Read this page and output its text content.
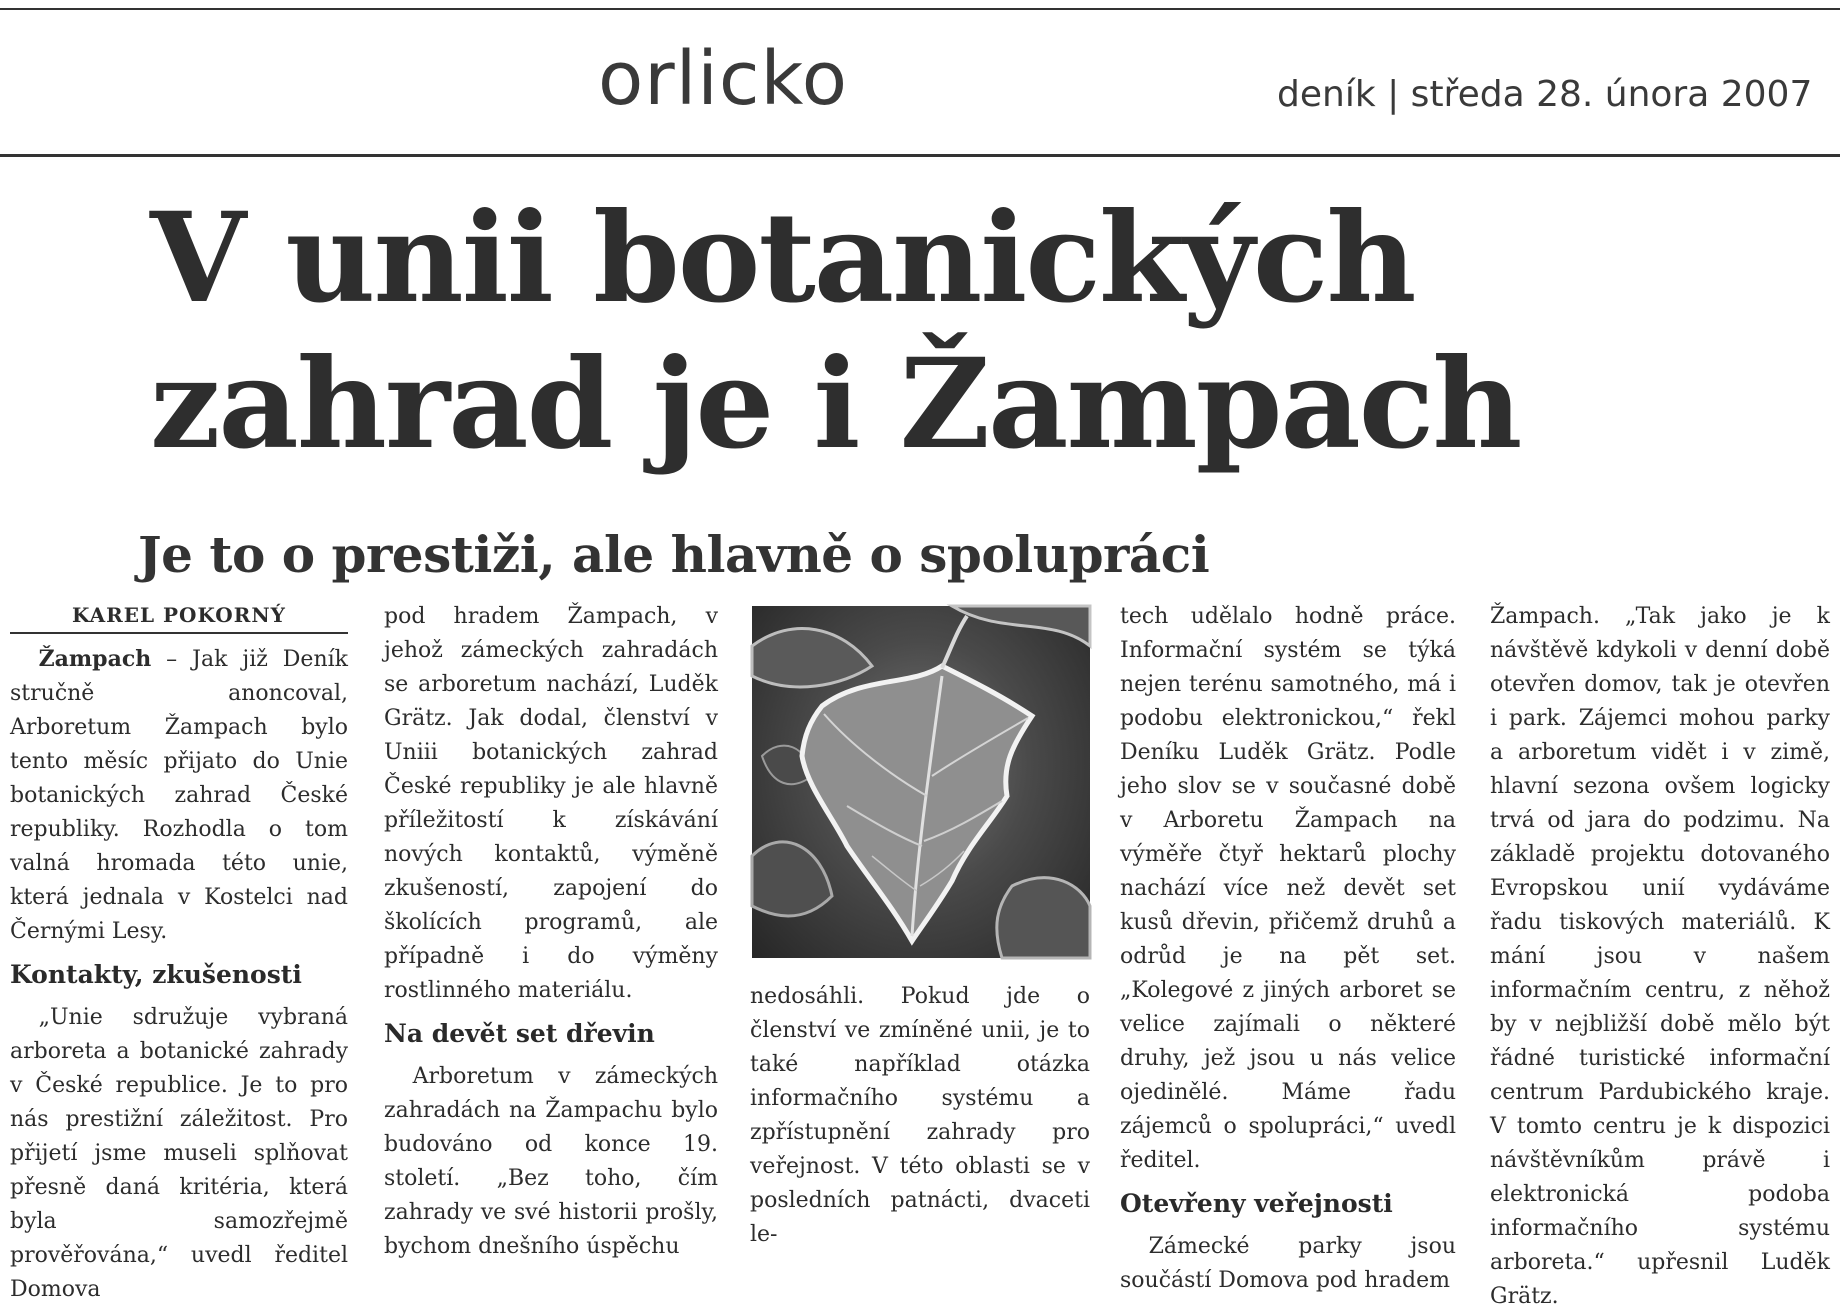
orlicko	deník | středa 28. února 2007
V unii botanických zahrad je i Žampach
Je to o prestiži, ale hlavně o spolupráci

KAREL POKORNÝ

Žampach – Jak již Deník stručně anoncoval, Arboretum Žampach bylo tento měsíc přijato do Unie botanických zahrad České republiky. Rozhodla o tom valná hromada této unie, která jednala v Kostelci nad Černými Lesy.

Kontakty, zkušenosti

„Unie sdružuje vybraná arboreta a botanické zahrady v České republice. Je to pro nás prestižní záležitost. Pro přijetí jsme museli splňovat přesně daná kritéria, která byla samozřejmě prověřována,“ uvedl ředitel Domova

pod hradem Žampach, v jehož zámeckých zahradách se arboretum nachází, Luděk Grätz. Jak dodal, členství v Uniii botanických zahrad České republiky je ale hlavně příležitostí k získávání nových kontaktů, výměně zkušeností, zapojení do školících programů, ale případně i do výměny rostlinného materiálu.

Na devět set dřevin

Arboretum v zámeckých zahradách na Žampachu bylo budováno od konce 19. století. „Bez toho, čím zahrady ve své historii prošly, bychom dnešního úspěchu

nedosáhli. Pokud jde o členství ve zmíněné unii, je to také například otázka informačního systému a zpřístupnění zahrady pro veřejnost. V této oblasti se v posledních patnácti, dvaceti le-

tech udělalo hodně práce. Informační systém se týká nejen terénu samotného, má i podobu elektronickou,“ řekl Deníku Luděk Grätz. Podle jeho slov se v současné době v Arboretu Žampach na výměře čtyř hektarů plochy nachází více než devět set kusů dřevin, přičemž druhů a odrůd je na pět set. „Kolegové z jiných arboret se velice zajímali o některé druhy, jež jsou u nás velice ojedinělé. Máme řadu zájemců o spolupráci,“ uvedl ředitel.

Otevřeny veřejnosti

Zámecké parky jsou součástí Domova pod hradem

Žampach. „Tak jako je k návštěvě kdykoli v denní době otevřen domov, tak je otevřen i park. Zájemci mohou parky a arboretum vidět i v zimě, hlavní sezona ovšem logicky trvá od jara do podzimu. Na základě projektu dotovaného Evropskou unií vydáváme řadu tiskových materiálů. K mání jsou v našem informačním centru, z něhož by v nejbližší době mělo být řádné turistické informační centrum Pardubického kraje. V tomto centru je k dispozici návštěvníkům právě i elektronická podoba informačního systému arboreta.“ upřesnil Luděk Grätz.
